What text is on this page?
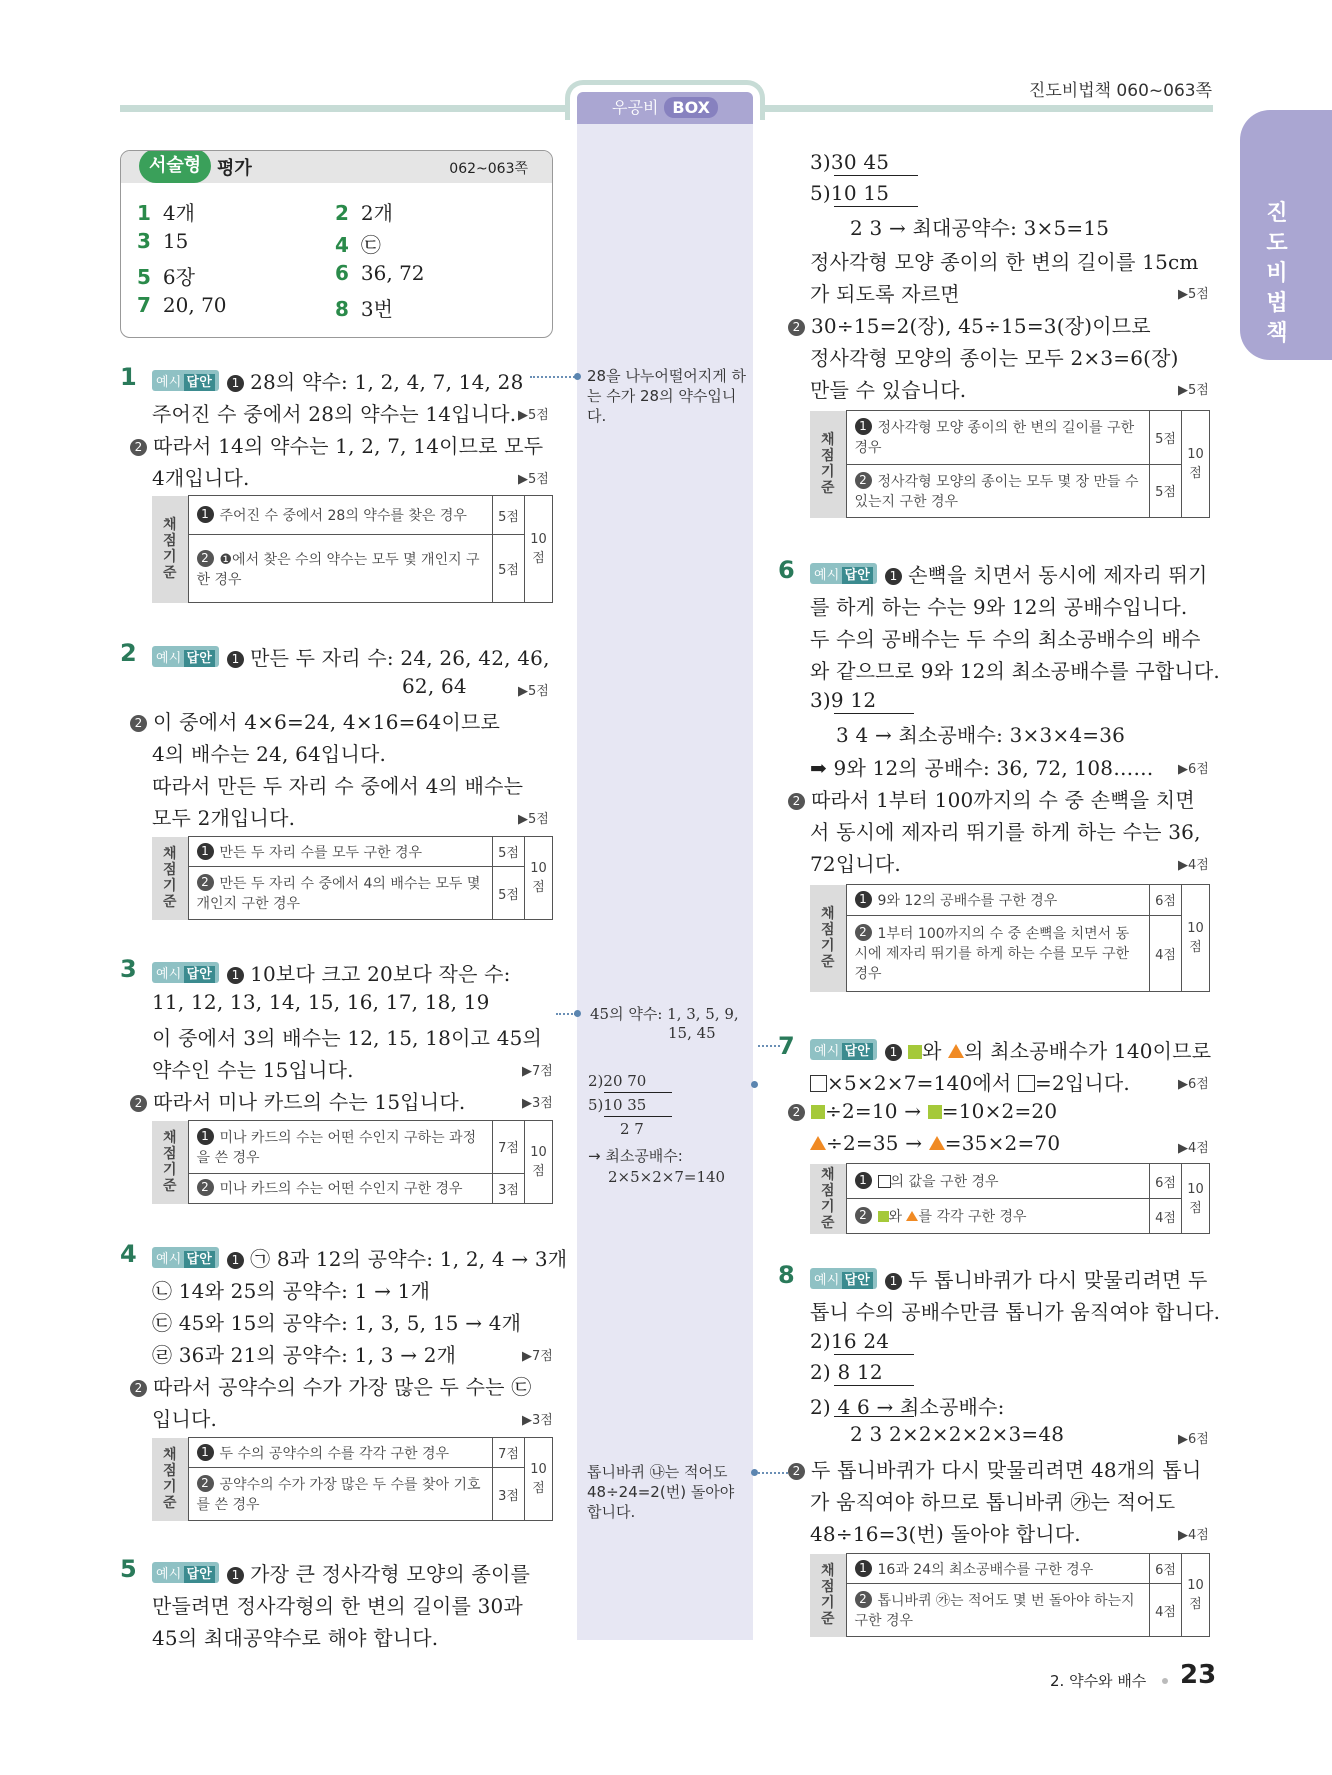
우공비 BOX
진도비법책 060~063쪽
진
도
비
법
책
서술형 평가	062~063쪽
1 4개	2 2개
3 15	4 ㉢
5 6장	6 36, 72
7 20, 70	8 3번
1	예시 답안 1 28의 약수: 1, 2, 4, 7, 14, 28
주어진 수 중에서 28의 약수는 14입니다. ▶5점
2 따라서 14의 약수는 1, 2, 7, 14이므로 모두
4개입니다.	▶5점
채점
기준	1 주어진 수 중에서 28의 약수를 찾은 경우	5점	10점
	2 ❶에서 찾은 수의 약수는 모두 몇 개인지 구한 경우	5점	
2	예시 답안 1 만든 두 자리 수: 24, 26, 42, 46,
62, 64	▶5점
2 이 중에서 4×6=24, 4×16=64이므로
4의 배수는 24, 64입니다.
따라서 만든 두 자리 수 중에서 4의 배수는
모두 2개입니다.	▶5점
채점
기준	1 만든 두 자리 수를 모두 구한 경우	5점	10점
	2 만든 두 자리 수 중에서 4의 배수는 모두 몇 개인지 구한 경우	5점	
3	예시 답안 1 10보다 크고 20보다 작은 수:
11, 12, 13, 14, 15, 16, 17, 18, 19
이 중에서 3의 배수는 12, 15, 18이고 45의
약수인 수는 15입니다.	▶7점
2 따라서 미나 카드의 수는 15입니다.	▶3점
채점
기준	1 미나 카드의 수는 어떤 수인지 구하는 과정을 쓴 경우	7점	10점
	2 미나 카드의 수는 어떤 수인지 구한 경우	3점	
4	예시 답안 1 ㉠ 8과 12의 공약수: 1, 2, 4 → 3개
㉡ 14와 25의 공약수: 1 → 1개
㉢ 45와 15의 공약수: 1, 3, 5, 15 → 4개
㉣ 36과 21의 공약수: 1, 3 → 2개	▶7점
2 따라서 공약수의 수가 가장 많은 두 수는 ㉢
입니다.	▶3점
채점
기준	1 두 수의 공약수의 수를 각각 구한 경우	7점	10점
	2 공약수의 수가 가장 많은 두 수를 찾아 기호를 쓴 경우	3점	
5	예시 답안 1 가장 큰 정사각형 모양의 종이를
만들려면 정사각형의 한 변의 길이를 30과
45의 최대공약수로 해야 합니다.
3)30 45
5)10 15
2 3 → 최대공약수: 3×5=15
정사각형 모양 종이의 한 변의 길이를 15cm
가 되도록 자르면	▶5점
2 30÷15=2(장), 45÷15=3(장)이므로
정사각형 모양의 종이는 모두 2×3=6(장)
만들 수 있습니다.	▶5점
채점
기준	1 정사각형 모양 종이의 한 변의 길이를 구한 경우	5점	10점
	2 정사각형 모양의 종이는 모두 몇 장 만들 수 있는지 구한 경우	5점	
6	예시 답안 1 손뼉을 치면서 동시에 제자리 뛰기
를 하게 하는 수는 9와 12의 공배수입니다.
두 수의 공배수는 두 수의 최소공배수의 배수
와 같으므로 9와 12의 최소공배수를 구합니다.
3)9 12
3 4 → 최소공배수: 3×3×4=36
➡ 9와 12의 공배수: 36, 72, 108…… ▶6점
2 따라서 1부터 100까지의 수 중 손뼉을 치면
서 동시에 제자리 뛰기를 하게 하는 수는 36,
72입니다.	▶4점
채점
기준	1 9와 12의 공배수를 구한 경우	6점	10점
	2 1부터 100까지의 수 중 손뼉을 치면서 동시에 제자리 뛰기를 하게 하는 수를 모두 구한 경우	4점	
7	예시 답안 1 와 의 최소공배수가 140이므로
×5×2×7=140에서 =2입니다.	▶6점
2 ÷2=10 → =10×2=20
÷2=35 → =35×2=70	▶4점
채점
기준	1 의 값을 구한 경우	6점	10점
	2 와 를 각각 구한 경우	4점	
8	예시 답안 1 두 톱니바퀴가 다시 맞물리려면 두
톱니 수의 공배수만큼 톱니가 움직여야 합니다.
2)16 24
2) 8 12
2) 4 6 → 최소공배수:
2 3 2×2×2×2×3=48	▶6점
2 두 톱니바퀴가 다시 맞물리려면 48개의 톱니
가 움직여야 하므로 톱니바퀴 ㉮는 적어도
48÷16=3(번) 돌아야 합니다.	▶4점
채점
기준	1 16과 24의 최소공배수를 구한 경우	6점	10점
	2 톱니바퀴 ㉮는 적어도 몇 번 돌아야 하는지 구한 경우	4점	
28을 나누어떨어지게 하는 수가 28의 약수입니다.
45의 약수: 1, 3, 5, 9,
15, 45
2)20 70
5)10 35
2 7
→ 최소공배수:
2×5×2×7=140
톱니바퀴 ㉯는 적어도 48÷24=2(번) 돌아야 합니다.
2. 약수와 배수 23
